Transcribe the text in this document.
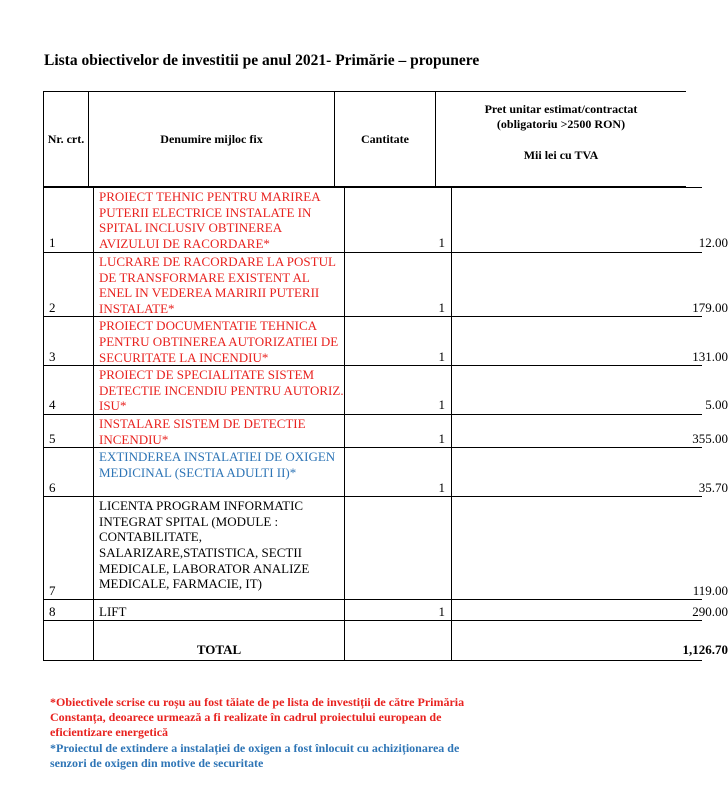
Lista obiectivelor de investitii pe anul 2021- Primărie – propunere
Nr. crt.	Denumire mijloc fix	Cantitate	Pret unitar estimat/contractat
(obligatoriu >2500 RON)
Mii lei cu TVA
1	PROIECT TEHNIC PENTRU MARIREA PUTERII ELECTRICE INSTALATE IN SPITAL INCLUSIV OBTINEREA AVIZULUI DE RACORDARE*	1	12.00
2	LUCRARE DE RACORDARE LA POSTUL DE TRANSFORMARE EXISTENT AL ENEL IN VEDEREA MARIRII PUTERII INSTALATE*	1	179.00
3	PROIECT DOCUMENTATIE TEHNICA PENTRU OBTINEREA AUTORIZATIEI DE SECURITATE LA INCENDIU*	1	131.00
4	PROIECT DE SPECIALITATE SISTEM DETECTIE INCENDIU PENTRU AUTORIZ. ISU*	1	5.00
5	INSTALARE SISTEM DE DETECTIE INCENDIU*	1	355.00
6	EXTINDEREA INSTALATIEI DE OXIGEN MEDICINAL (SECTIA ADULTI II)*	1	35.70
7	LICENTA PROGRAM INFORMATIC INTEGRAT SPITAL (MODULE : CONTABILITATE, SALARIZARE,STATISTICA, SECTII MEDICALE, LABORATOR ANALIZE MEDICALE, FARMACIE, IT)		119.00
8	LIFT	1	290.00
	TOTAL		1,126.70

*Obiectivele scrise cu roșu au fost tăiate de pe lista de investiții de către Primăria Constanța, deoarece urmează a fi realizate în cadrul proiectului european de eficientizare energetică

*Proiectul de extindere a instalației de oxigen a fost înlocuit cu achiziționarea de senzori de oxigen din motive de securitate
